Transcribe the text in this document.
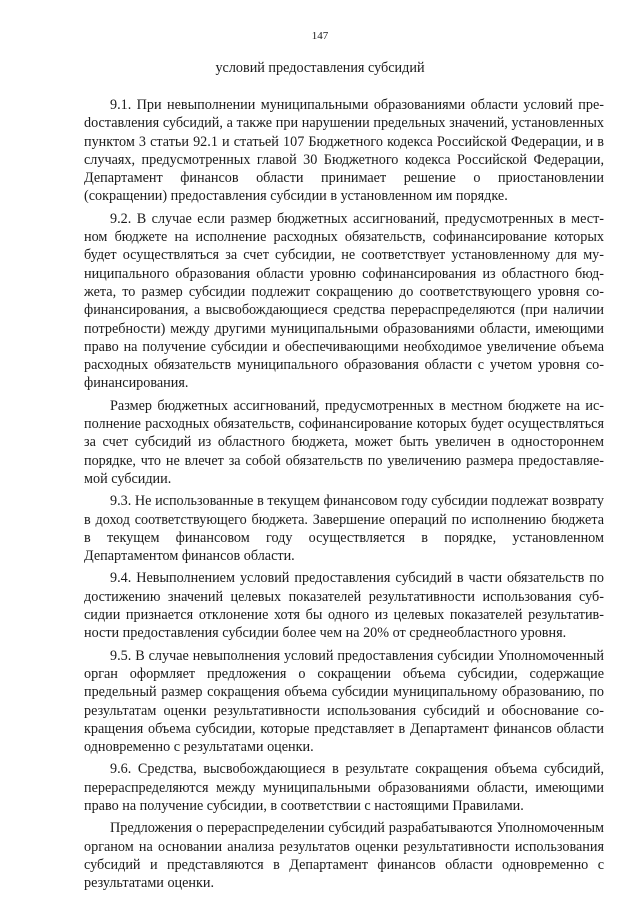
147
условий предоставления субсидий

9.1. При невыполнении муниципальными образованиями области условий преdоставления субсидий, а также при нарушении предельных значений, установленных пунктом 3 статьи 92.1 и статьей 107 Бюджетного кодекса Российской Федерации, и в случаях, предусмотренных главой 30 Бюджетного кодекса Российской Федерации, Департамент финансов области принимает решение о приостановлении (сокращении) предоставления субсидии в установленном им порядке.

9.2. В случае если размер бюджетных ассигнований, предусмотренных в местном бюджете на исполнение расходных обязательств, софинансирование которых будет осуществляться за счет субсидии, не соответствует установленному для муниципального образования области уровню софинансирования из областного бюджета, то размер субсидии подлежит сокращению до соответствующего уровня софинансирования, а высвобождающиеся средства перераспределяются (при наличии потребности) между другими муниципальными образованиями области, имеющими право на получение субсидии и обеспечивающими необходимое увеличение объема расходных обязательств муниципального образования области с учетом уровня софинансирования.

Размер бюджетных ассигнований, предусмотренных в местном бюджете на исполнение расходных обязательств, софинансирование которых будет осуществляться за счет субсидий из областного бюджета, может быть увеличен в одностороннем порядке, что не влечет за собой обязательств по увеличению размера предоставляемой субсидии.

9.3. Не использованные в текущем финансовом году субсидии подлежат возврату в доход соответствующего бюджета. Завершение операций по исполнению бюджета в текущем финансовом году осуществляется в порядке, установленном Департаментом финансов области.

9.4. Невыполнением условий предоставления субсидий в части обязательств по достижению значений целевых показателей результативности использования субсидии признается отклонение хотя бы одного из целевых показателей результативности предоставления субсидии более чем на 20% от среднеобластного уровня.

9.5. В случае невыполнения условий предоставления субсидии Уполномоченный орган оформляет предложения о сокращении объема субсидии, содержащие предельный размер сокращения объема субсидии муниципальному образованию, по результатам оценки результативности использования субсидий и обоснование сокращения объема субсидии, которые представляет в Департамент финансов области одновременно с результатами оценки.

9.6. Средства, высвобождающиеся в результате сокращения объема субсидий, перераспределяются между муниципальными образованиями области, имеющими право на получение субсидии, в соответствии с настоящими Правилами.

Предложения о перераспределении субсидий разрабатываются Уполномоченным органом на основании анализа результатов оценки результативности использования субсидий и представляются в Департамент финансов области одновременно с результатами оценки.
